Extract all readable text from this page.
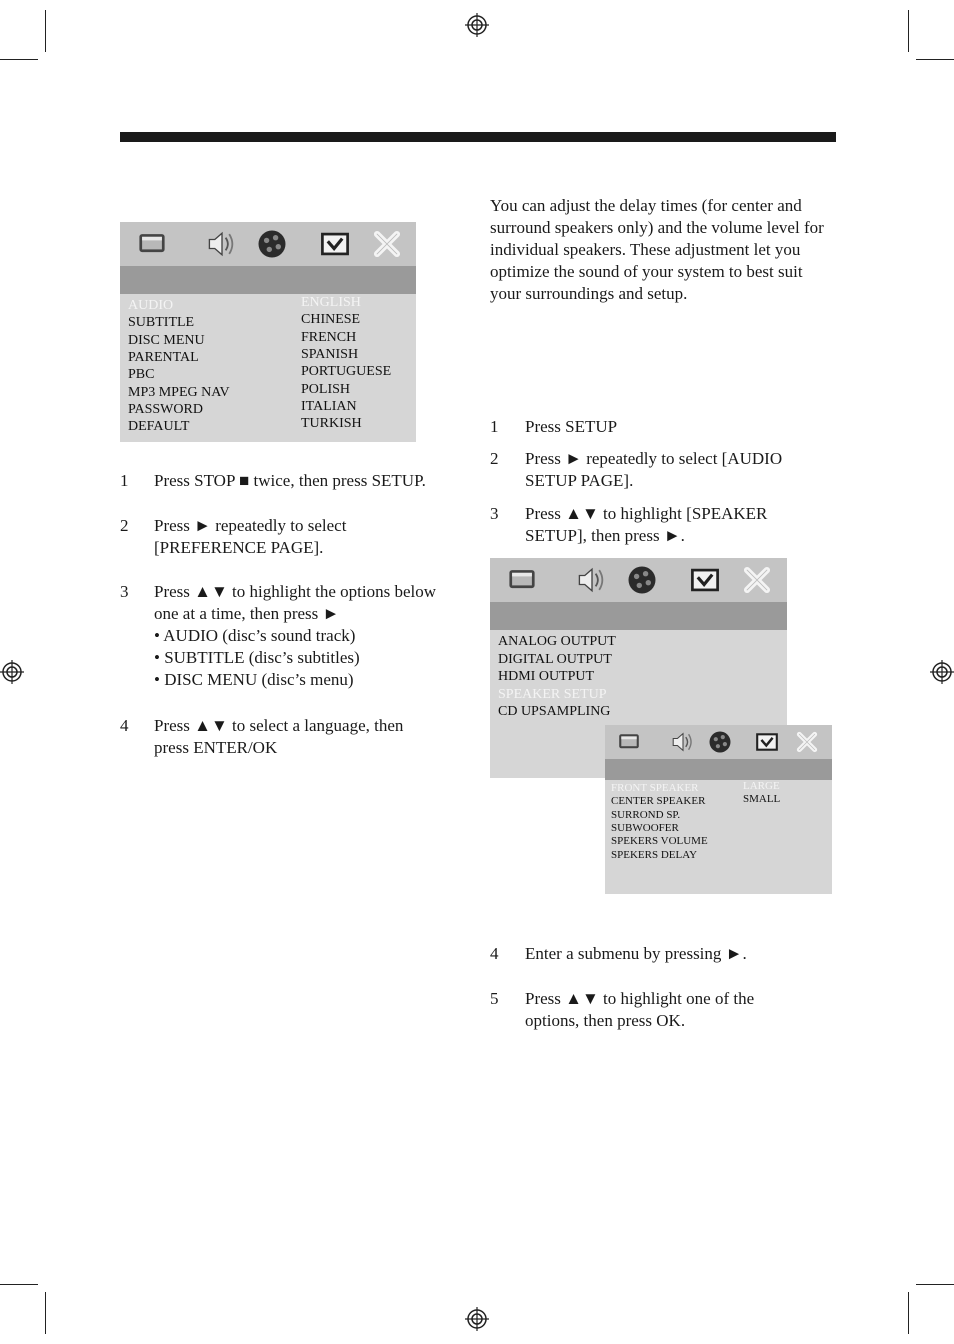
You can adjust the delay times (for center and surround speakers only) and the volume level for individual speakers. These adjustment let you optimize the sound of your system to best suit your surroundings and setup.
AUDIO
SUBTITLE
DISC MENU
PARENTAL
PBC
MP3 MPEG NAV
PASSWORD
DEFAULT
ENGLISH
CHINESE
FRENCH
SPANISH
PORTUGUESE
POLISH
ITALIAN
TURKISH
ANALOG OUTPUT
DIGITAL OUTPUT
HDMI OUTPUT
SPEAKER SETUP
CD UPSAMPLING
FRONT SPEAKER
CENTER SPEAKER
SURROND SP.
SUBWOOFER
SPEKERS VOLUME
SPEKERS DELAY
LARGE
SMALL
1 Press STOP ■ twice, then press SETUP.
2 Press ► repeatedly to select
[PREFERENCE PAGE].
3 Press ▲▼ to highlight the options below
one at a time, then press ►
• AUDIO (disc’s sound track)
• SUBTITLE (disc’s subtitles)
• DISC MENU (disc’s menu)
4 Press ▲▼ to select a language, then
press ENTER/OK
1 Press SETUP
2 Press ► repeatedly to select [AUDIO
SETUP PAGE].
3 Press ▲▼ to highlight [SPEAKER
SETUP], then press ►.
4 Enter a submenu by pressing ►.
5 Press ▲▼ to highlight one of the
options, then press OK.
